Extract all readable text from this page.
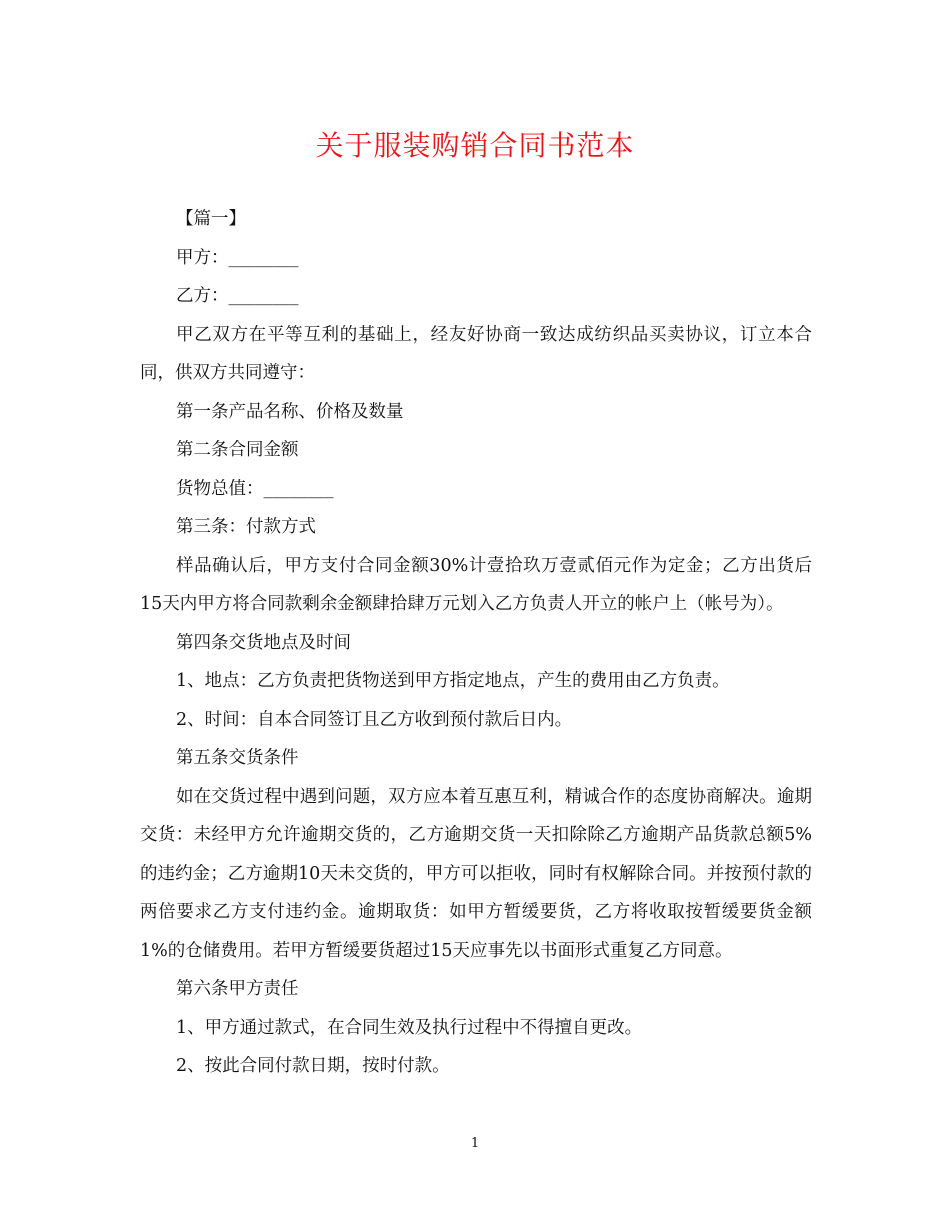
关于服装购销合同书范本

【篇一】

甲方：________

乙方：________

甲乙双方在平等互利的基础上，经友好协商一致达成纺织品买卖协议，订立本合同，供双方共同遵守：

第一条产品名称、价格及数量

第二条合同金额

货物总值：________

第三条：付款方式

样品确认后，甲方支付合同金额30%计壹拾玖万壹贰佰元作为定金；乙方出货后15天内甲方将合同款剩余金额肆拾肆万元划入乙方负责人开立的帐户上（帐号为）。

第四条交货地点及时间

1、地点：乙方负责把货物送到甲方指定地点，产生的费用由乙方负责。

2、时间：自本合同签订且乙方收到预付款后日内。

第五条交货条件

如在交货过程中遇到问题，双方应本着互惠互利，精诚合作的态度协商解决。逾期交货：未经甲方允许逾期交货的，乙方逾期交货一天扣除除乙方逾期产品货款总额5%的违约金；乙方逾期10天未交货的，甲方可以拒收，同时有权解除合同。并按预付款的两倍要求乙方支付违约金。逾期取货：如甲方暂缓要货，乙方将收取按暂缓要货金额1%的仓储费用。若甲方暂缓要货超过15天应事先以书面形式重复乙方同意。

第六条甲方责任

1、甲方通过款式，在合同生效及执行过程中不得擅自更改。

2、按此合同付款日期，按时付款。

1
